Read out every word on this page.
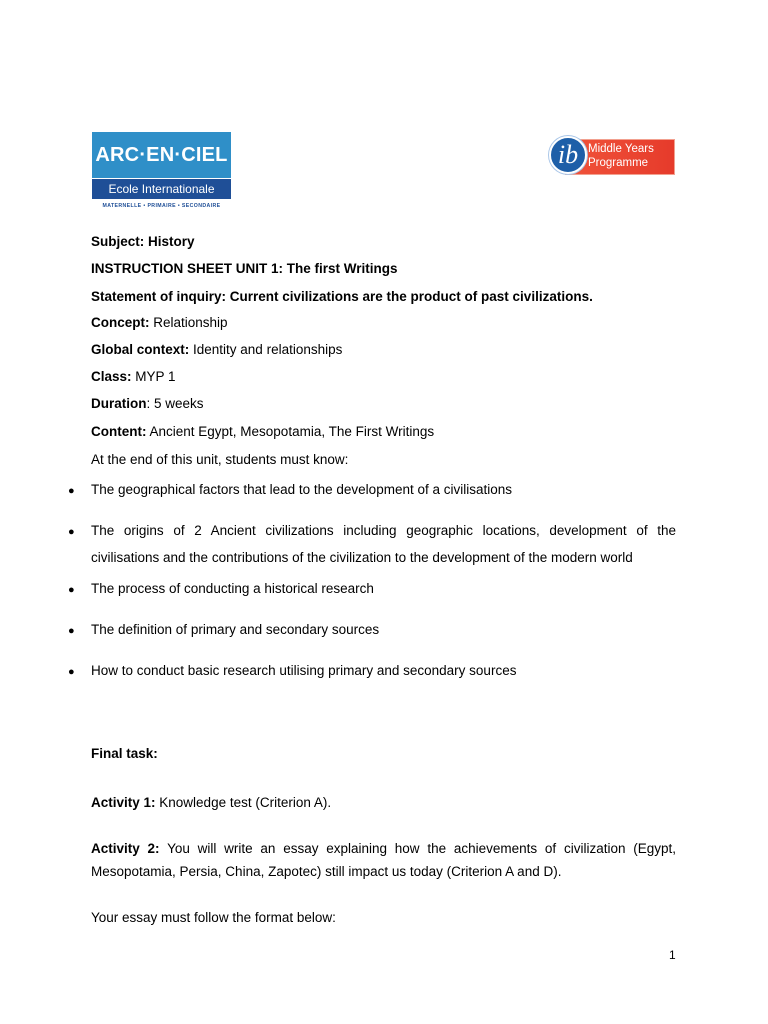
ARC·EN·CIEL
Ecole Internationale
MATERNELLE • PRIMAIRE • SECONDAIRE
Middle Years
Programme
ib
Subject: History
INSTRUCTION SHEET UNIT 1: The first Writings
Statement of inquiry: Current civilizations are the product of past civilizations.
Concept: Relationship
Global context: Identity and relationships
Class: MYP 1
Duration: 5 weeks
Content: Ancient Egypt, Mesopotamia, The First Writings
At the end of this unit, students must know:
● The geographical factors that lead to the development of a civilisations
● The origins of 2 Ancient civilizations including geographic locations, development of the civilisations and the contributions of the civilization to the development of the modern world
● The process of conducting a historical research
● The definition of primary and secondary sources
● How to conduct basic research utilising primary and secondary sources
Final task:
Activity 1: Knowledge test (Criterion A).
Activity 2: You will write an essay explaining how the achievements of civilization (Egypt, Mesopotamia, Persia, China, Zapotec) still impact us today (Criterion A and D).
Your essay must follow the format below:
1
